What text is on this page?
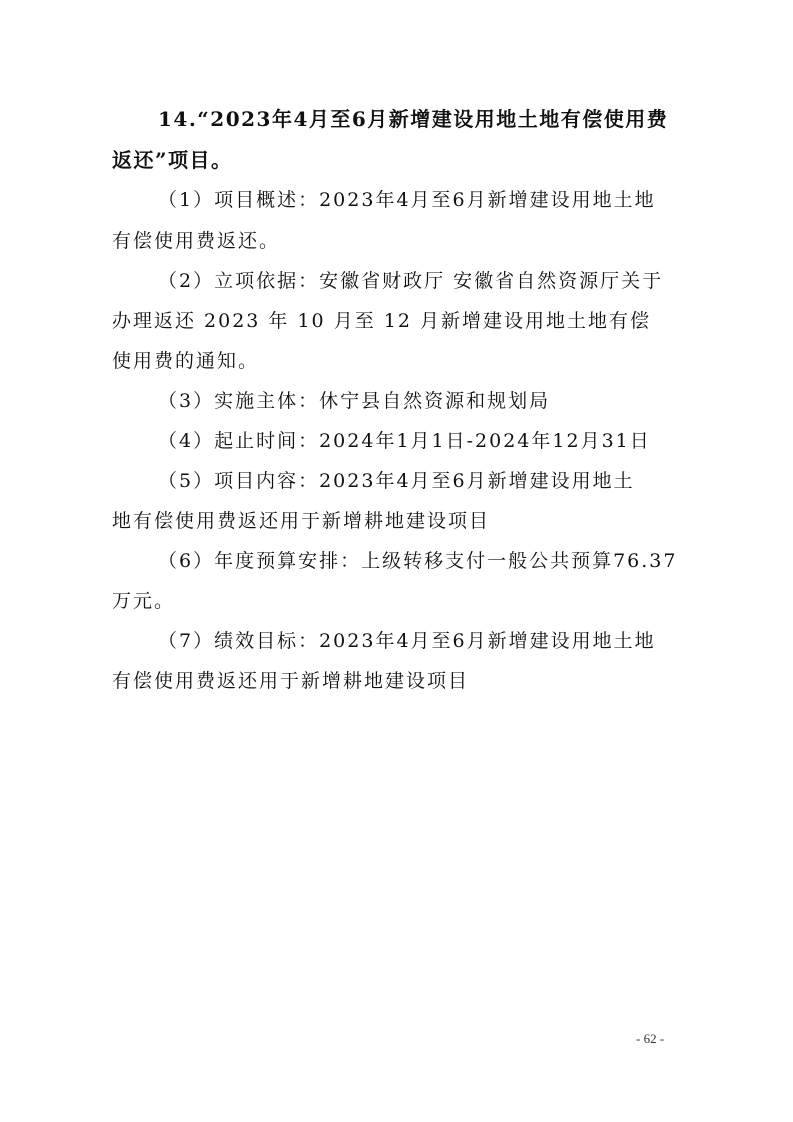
14.“2023年4月至6月新增建设用地土地有偿使用费
返还”项目。
（1）项目概述：2023年4月至6月新增建设用地土地
有偿使用费返还。
（2）立项依据：安徽省财政厅 安徽省自然资源厅关于
办理返还 2023 年 10 月至 12 月新增建设用地土地有偿
使用费的通知。
（3）实施主体：休宁县自然资源和规划局
（4）起止时间：2024年1月1日-2024年12月31日
（5）项目内容：2023年4月至6月新增建设用地土
地有偿使用费返还用于新增耕地建设项目
（6）年度预算安排：上级转移支付一般公共预算76.37
万元。
（7）绩效目标：2023年4月至6月新增建设用地土地
有偿使用费返还用于新增耕地建设项目
- 62 -
